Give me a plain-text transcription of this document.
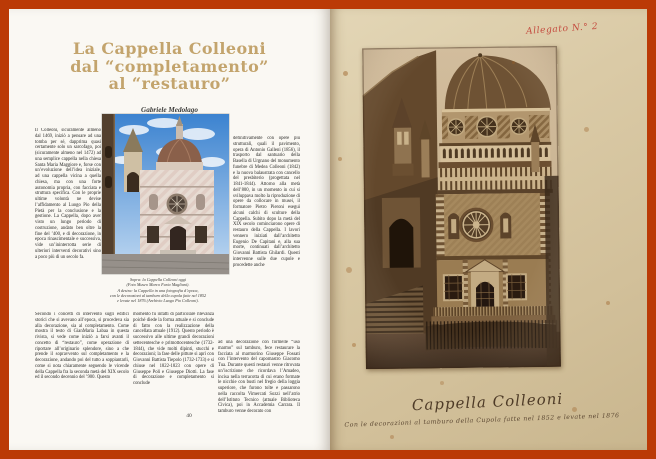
La Cappella Colleoni
dal “completamento”
al “restauro”
Gabriele Medolago
Il Colleoni, sicuramente almeno dal 1469, iniziò a pensare ad una tomba per sé, dapprima quasi certamente solo un sarcofago, poi (sicuramente almeno nel 1472) ad una semplice cappella nella chiesa Santa Maria Maggiore e, forse con un’evoluzione dell’idea iniziale, ad una cappella vicina a quella chiesa, ma con una forte autonomia propria, con facciata e struttura specifica. Con le proprie ultime volontà ne devise l’affidamento al Luogo Pio della Pietà per la conclusione e la gestione. La Cappella, dopo aver visto un lungo periodo di costruzione, andato ben oltre la fine del ’400, e di decorazione, in epoca rinascimentale e successiva, vide un’ininterrotta serie di ulteriori interventi decorativi sino a poco più di un secolo fa.
Secondo i concetti di intervento sugli edifici storici che si avevano all’epoca, si procedeva sia alla decorazione, sia al completamento. Come mostra il testo di GianMaria Labaa in questa rivista, si vede come iniziò a farsi avanti il concetto di “restauro”, come operazione di riportare all’originario splendore, sino a che prende il sopravvento sul completamento e la decorazione, andando poi del tutto a soppiantarli, come si nota chiaramente seguendo le vicende della Cappella fra la seconda metà del XIX secolo ed il secondo decennio del ’900. Questo
momento fu infatti di particolare rilevanza poiché diede la forma attuale e si conclude di fatto con la realizzazione della cancellata attuale (1912). Questo periodo è successivo alle ultime grandi decorazioni settecentesche e primottocentesche (1732-1844), che vide molti dipinti, stucchi e decorazioni; la fase delle pitture si aprì con Giovanni Battista Tiepolo (1732-1733) e si chiuse nel 1822-1823 con opere di Giuseppe Poli e Giuseppe Diotti. La fase di decorazione e completamento si conclude
definitivamente con opere più strutturali, quali il pavimento, opera di Antonio Galleni (1856), il trasporto dal santuario della Basella di Urgnano del monumento funebre di Medea Colleoni (1842) e la nuova balaustrata con cancello del presbiterio (progettata nel 1841-1844). Attorno alla metà dell’800, in un momento in cui si sviluppava molto la riproduzione di opere da collocare in musei, il formatore Pietro Pieroni eseguì alcuni calchi di sculture della Cappella. Subito dopo la metà del XIX secolo cominciarono opere di restauro della Cappella. I lavori vennero iniziati dall’architetto Eugenio De Capitani e, alla sua morte, continuati dall’architetto Giovanni Battista Ghilardi. Questi intervenne sulle due cupole e procedette anche
ad una decorazione con formelle “uso marmo” sul tamburo, fece restaurare la facciata al marmorino Giuseppe Fossati con l’intervento del capomastro Giacomo Tua. Durante questi restauri venne ritrovata un’iscrizione che ricordava l’Amadeo, incisa nella terracotta di cui erano formate le nicchie con busti nel fregio della loggia superiore, che furono tolte e passarono nella raccolta Vimercati Sozzi nell’atrio dell’Istituto Tecnico (attuale Biblioteca Civica), poi in Accademia Carrara. Il tamburo venne decorato con
Sopra: la Cappella Colleoni oggi
(Foto Museo Marco Furia Magliani).
A destra: la Cappella in una fotografia d’epoca,
con le decorazioni al tamburo della cupola fatte nel 1852
e levate nel 1876 (Archivio Luogo Pio Colleoni).
40
Allegato N.° 2
Cappella Colleoni
Con le decorazioni al tamburo della Cupola fatte nel 1852 e levate nel 1876
